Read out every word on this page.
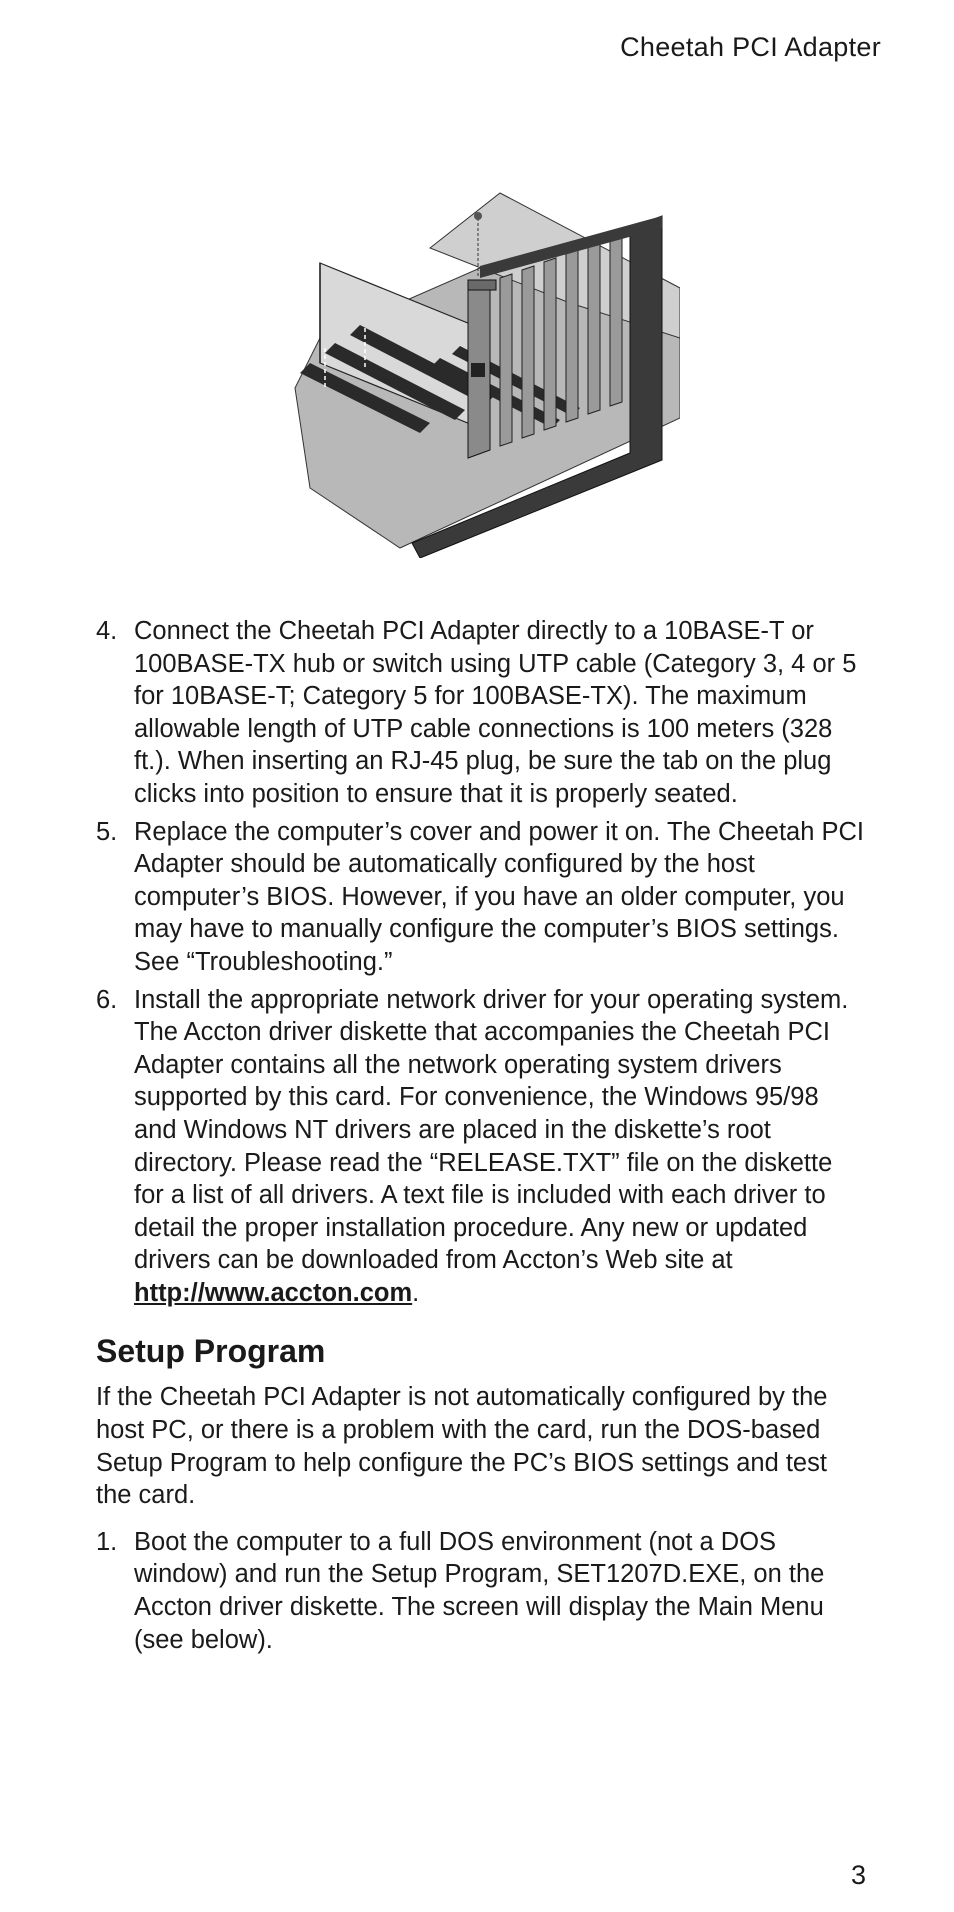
Cheetah PCI Adapter
4. Connect the Cheetah PCI Adapter directly to a 10BASE-T or 100BASE-TX hub or switch using UTP cable (Category 3, 4 or 5 for 10BASE-T; Category 5 for 100BASE-TX). The maximum allowable length of UTP cable connections is 100 meters (328 ft.). When inserting an RJ-45 plug, be sure the tab on the plug clicks into position to ensure that it is properly seated.
5. Replace the computer’s cover and power it on. The Cheetah PCI Adapter should be automatically configured by the host computer’s BIOS. However, if you have an older computer, you may have to manually configure the computer’s BIOS settings. See “Troubleshooting.”
6. Install the appropriate network driver for your operating system. The Accton driver diskette that accompanies the Cheetah PCI Adapter contains all the network operating system drivers supported by this card. For convenience, the Windows 95/98 and Windows NT drivers are placed in the diskette’s root directory. Please read the “RELEASE.TXT” file on the diskette for a list of all drivers. A text file is included with each driver to detail the proper installation procedure. Any new or updated drivers can be downloaded from Accton’s Web site at http://www.accton.com.
Setup Program

If the Cheetah PCI Adapter is not automatically configured by the host PC, or there is a problem with the card, run the DOS-based Setup Program to help configure the PC’s BIOS settings and test the card.

1. Boot the computer to a full DOS environment (not a DOS window) and run the Setup Program, SET1207D.EXE, on the Accton driver diskette. The screen will display the Main Menu (see below).
3
